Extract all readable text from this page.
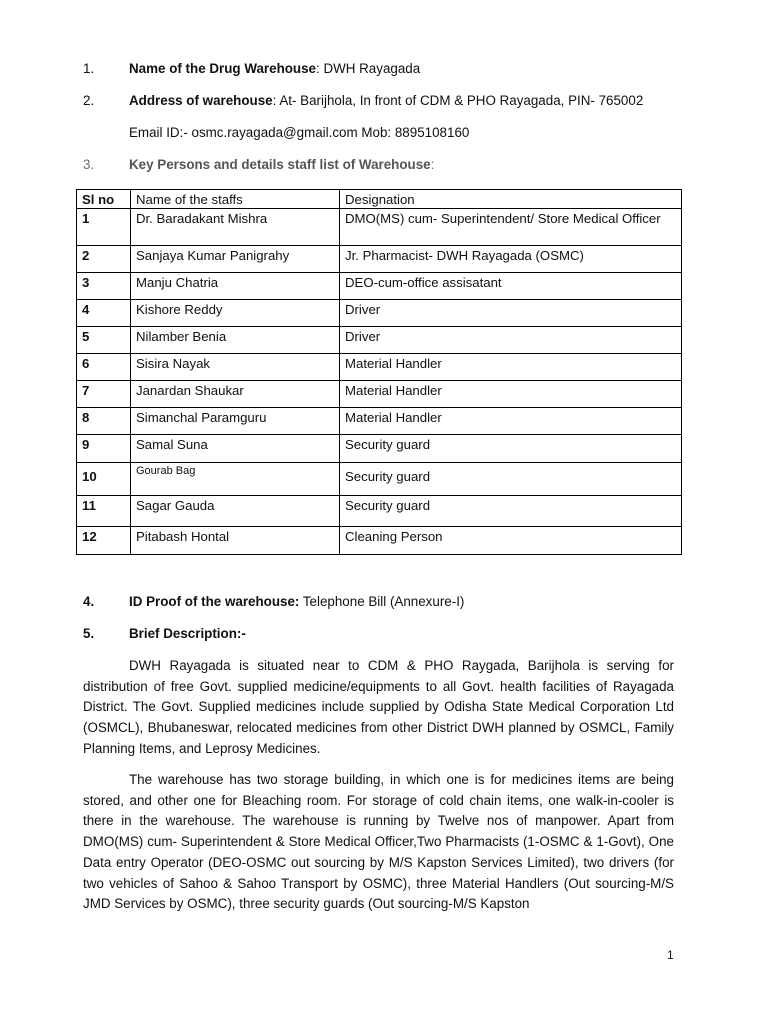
1.	Name of the Drug Warehouse: DWH Rayagada
2.	Address of warehouse: At- Barijhola, In front of CDM & PHO Rayagada, PIN- 765002
Email ID:- osmc.rayagada@gmail.com Mob: 8895108160
3.	Key Persons and details staff list of Warehouse:
Sl no	Name of the staffs	Designation
1	Dr. Baradakant Mishra	DMO(MS) cum- Superintendent/ Store Medical Officer
2	Sanjaya Kumar Panigrahy	Jr. Pharmacist- DWH Rayagada (OSMC)
3	Manju Chatria	DEO-cum-office assisatant
4	Kishore Reddy	Driver
5	Nilamber Benia	Driver
6	Sisira Nayak	Material Handler
7	Janardan Shaukar	Material Handler
8	Simanchal Paramguru	Material Handler
9	Samal Suna	Security guard
10	Gourab Bag	Security guard
11	Sagar Gauda	Security guard
12	Pitabash Hontal	Cleaning Person
4.	ID Proof of the warehouse: Telephone Bill (Annexure-I)
5.	Brief Description:-
DWH Rayagada is situated near to CDM & PHO Raygada, Barijhola is serving for distribution of free Govt. supplied medicine/equipments to all Govt. health facilities of Rayagada District. The Govt. Supplied medicines include supplied by Odisha State Medical Corporation Ltd (OSMCL), Bhubaneswar, relocated medicines from other District DWH planned by OSMCL, Family Planning Items, and Leprosy Medicines.
The warehouse has two storage building, in which one is for medicines items are being stored, and other one for Bleaching room. For storage of cold chain items, one walk-in-cooler is there in the warehouse. The warehouse is running by Twelve nos of manpower. Apart from DMO(MS) cum- Superintendent & Store Medical Officer,Two Pharmacists (1-OSMC & 1-Govt), One Data entry Operator (DEO-OSMC out sourcing by M/S Kapston Services Limited), two drivers (for two vehicles of Sahoo & Sahoo Transport by OSMC), three Material Handlers (Out sourcing-M/S JMD Services by OSMC), three security guards (Out sourcing-M/S Kapston
1
